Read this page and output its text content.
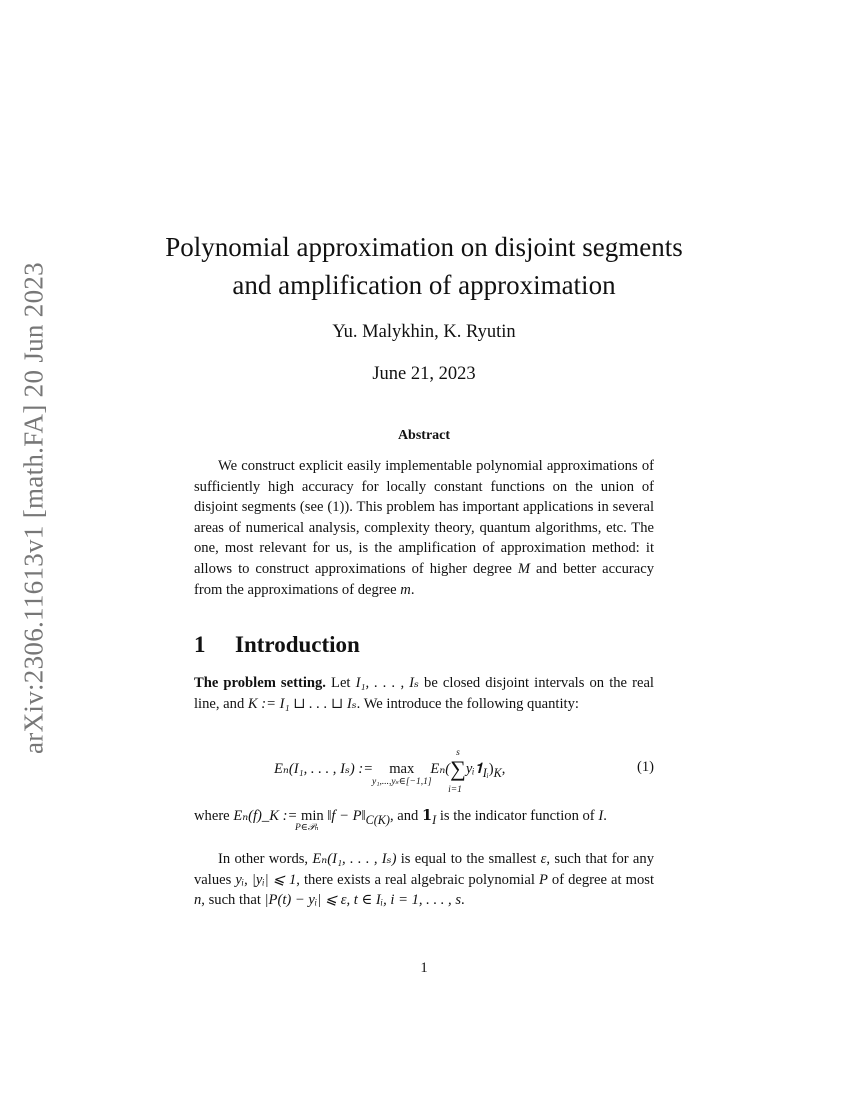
arXiv:2306.11613v1 [math.FA] 20 Jun 2023
Polynomial approximation on disjoint segments and amplification of approximation
Yu. Malykhin, K. Ryutin
June 21, 2023
Abstract

We construct explicit easily implementable polynomial approximations of sufficiently high accuracy for locally constant functions on the union of disjoint segments (see (1)). This problem has important applications in several areas of numerical analysis, complexity theory, quantum algorithms, etc. The one, most relevant for us, is the amplification of approximation method: it allows to construct approximations of higher degree M and better accuracy from the approximations of degree m.

1 Introduction

The problem setting. Let I₁, . . . , Iₛ be closed disjoint intervals on the real line, and K := I₁ ⊔ . . . ⊔ Iₛ. We introduce the following quantity:

Eₙ(I₁, . . . , Iₛ) := max
y₁,...,yₛ∈[−1,1]
Eₙ(∑
s
i=1
$yᵢ𝟏_{Iᵢ})_K$,	(1)

where Eₙ(f)_K := min
P∈𝒫ₙ
‖f − $P‖_{C(K)}$, and $𝟏_I$ is the indicator function of I.

In other words, Eₙ(I₁, . . . , Iₛ) is equal to the smallest ε, such that for any values yᵢ, |yᵢ| ⩽ 1, there exists a real algebraic polynomial P of degree at most n, such that |P(t) − yᵢ| ⩽ ε, t ∈ Iᵢ, i = 1, . . . , s.

1
